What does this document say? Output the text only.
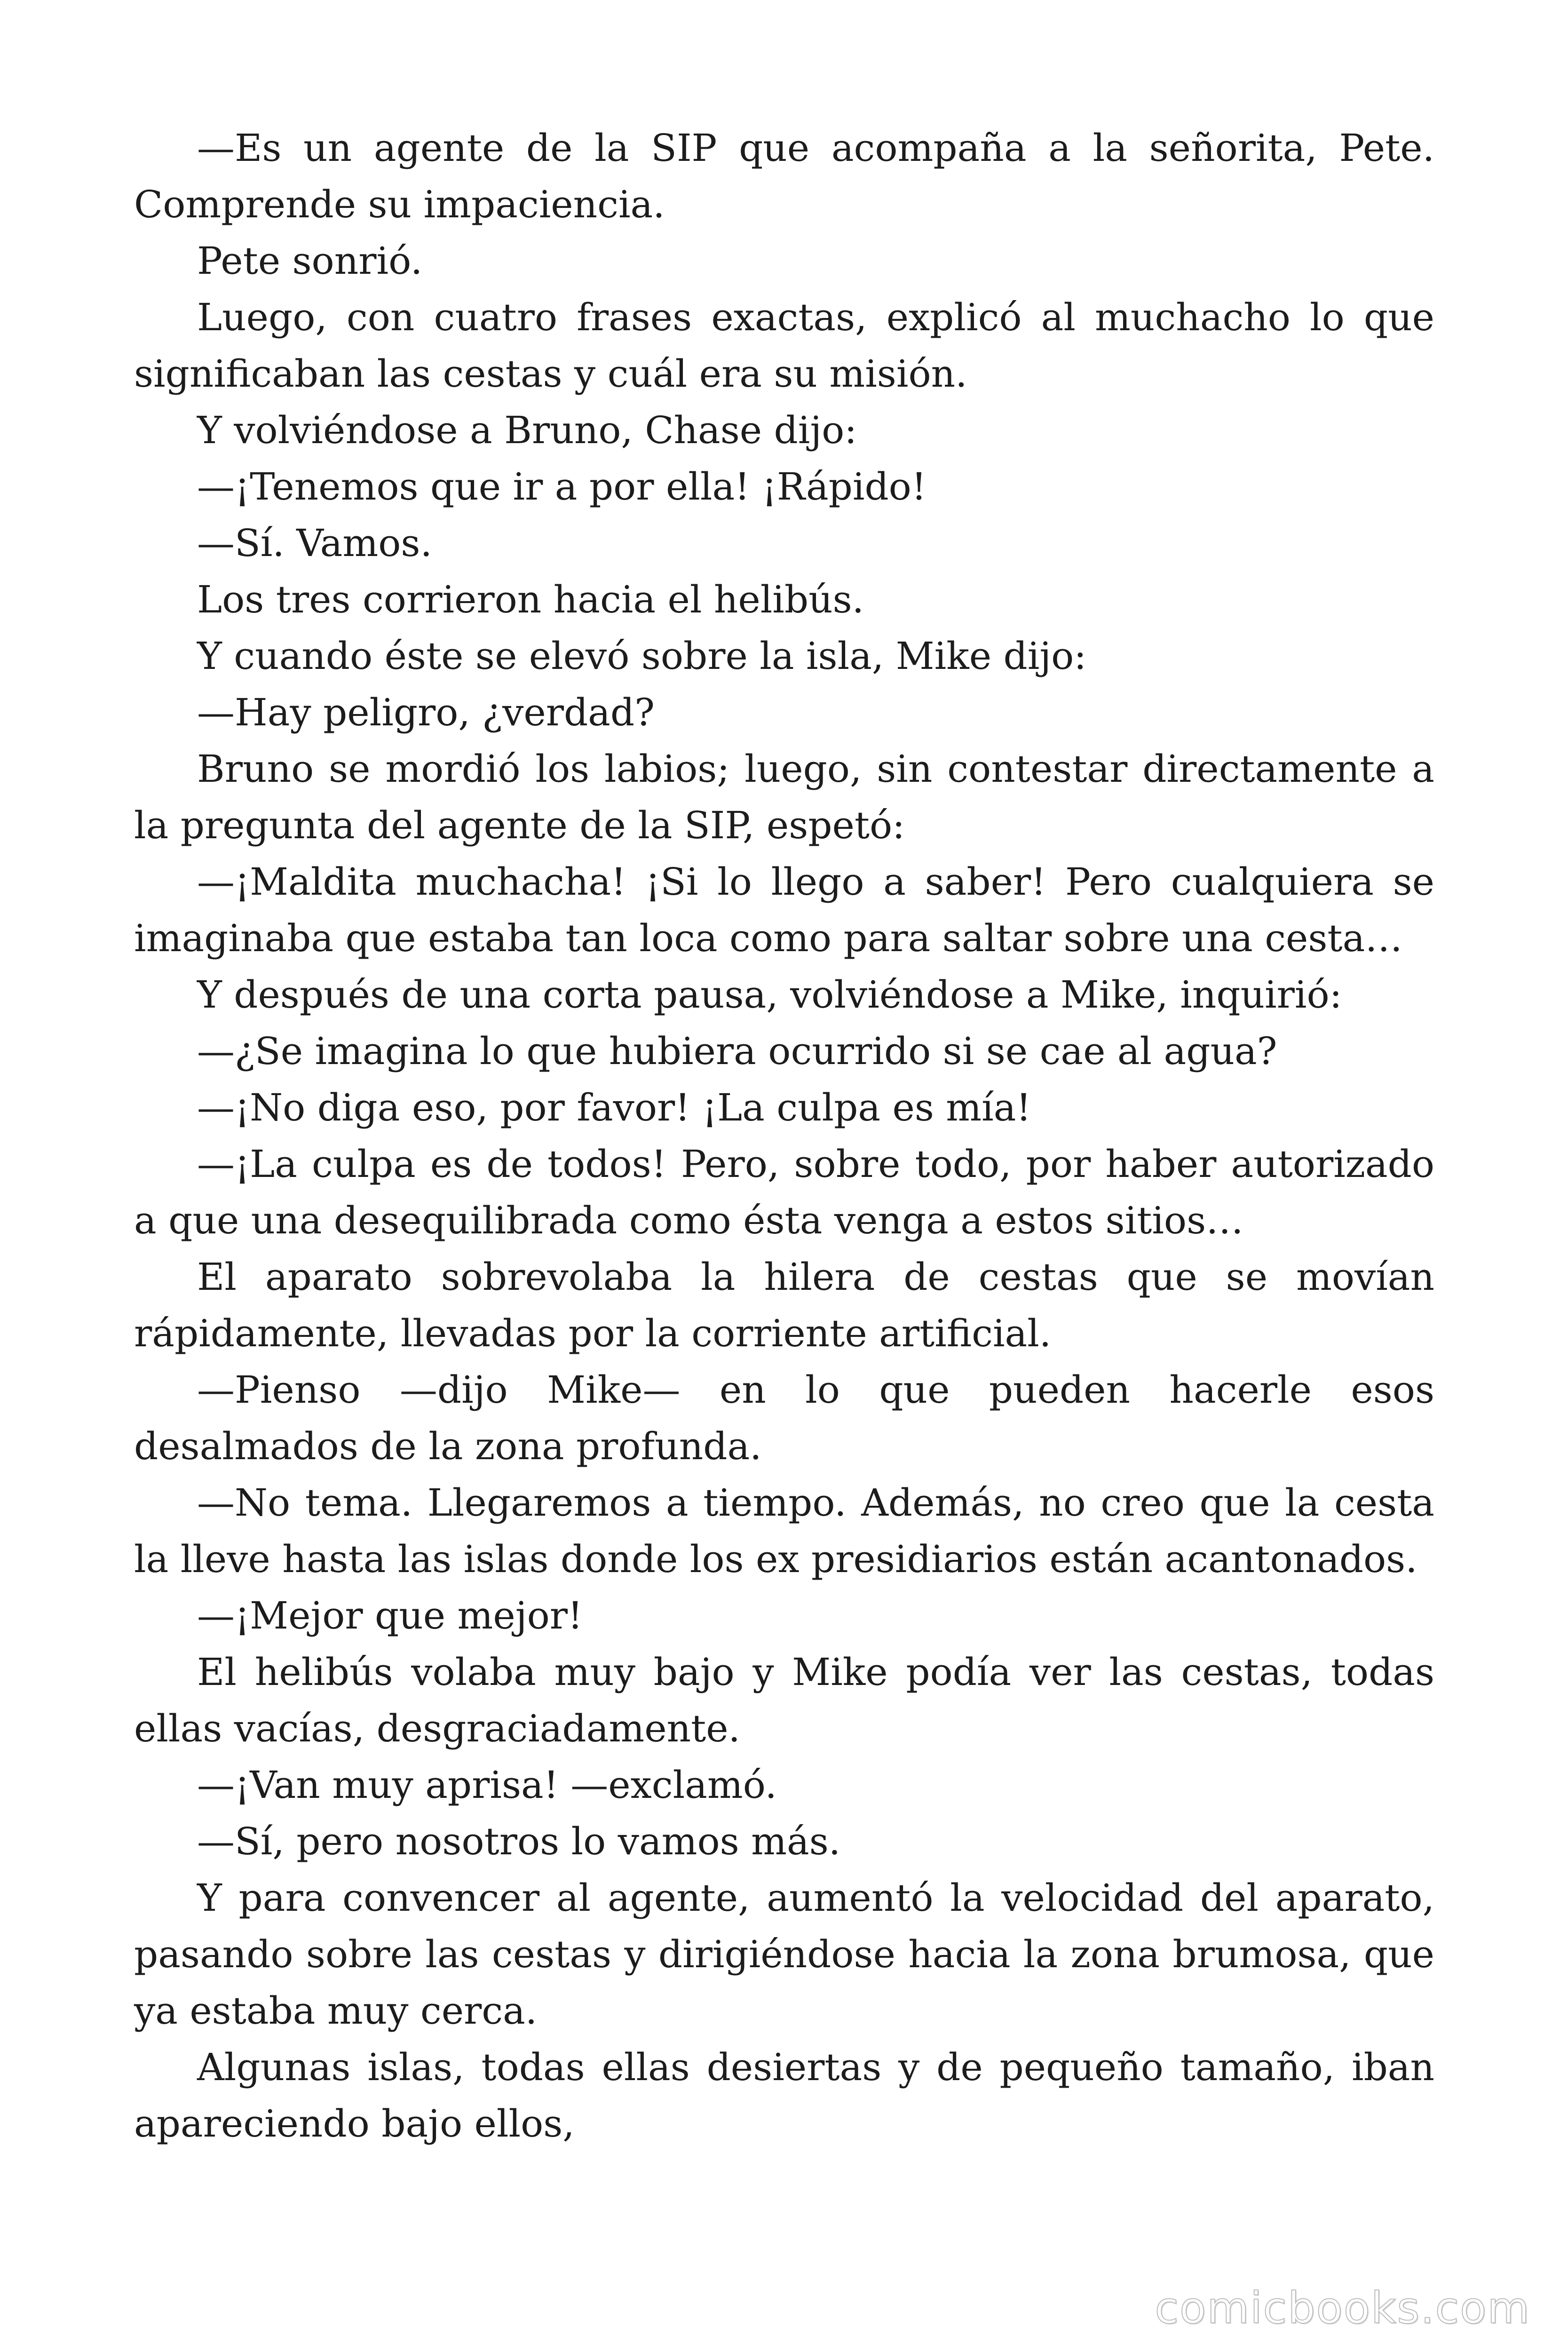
—Es un agente de la SIP que acompaña a la señorita, Pete. Comprende su impaciencia.

Pete sonrió.

Luego, con cuatro frases exactas, explicó al muchacho lo que significaban las cestas y cuál era su misión.

Y volviéndose a Bruno, Chase dijo:

—¡Tenemos que ir a por ella! ¡Rápido!

—Sí. Vamos.

Los tres corrieron hacia el helibús.

Y cuando éste se elevó sobre la isla, Mike dijo:

—Hay peligro, ¿verdad?

Bruno se mordió los labios; luego, sin contestar directamente a la pregunta del agente de la SIP, espetó:

—¡Maldita muchacha! ¡Si lo llego a saber! Pero cualquiera se imaginaba que estaba tan loca como para saltar sobre una cesta…

Y después de una corta pausa, volviéndose a Mike, inquirió:

—¿Se imagina lo que hubiera ocurrido si se cae al agua?

—¡No diga eso, por favor! ¡La culpa es mía!

—¡La culpa es de todos! Pero, sobre todo, por haber autorizado a que una desequilibrada como ésta venga a estos sitios…

El aparato sobrevolaba la hilera de cestas que se movían rápidamente, llevadas por la corriente artificial.

—Pienso —dijo Mike— en lo que pueden hacerle esos desalmados de la zona profunda.

—No tema. Llegaremos a tiempo. Además, no creo que la cesta la lleve hasta las islas donde los ex presidiarios están acantonados.

—¡Mejor que mejor!

El helibús volaba muy bajo y Mike podía ver las cestas, todas ellas vacías, desgraciadamente.

—¡Van muy aprisa! —exclamó.

—Sí, pero nosotros lo vamos más.

Y para convencer al agente, aumentó la velocidad del aparato, pasando sobre las cestas y dirigiéndose hacia la zona brumosa, que ya estaba muy cerca.

Algunas islas, todas ellas desiertas y de pequeño tamaño, iban apareciendo bajo ellos,

comicbooks.com
